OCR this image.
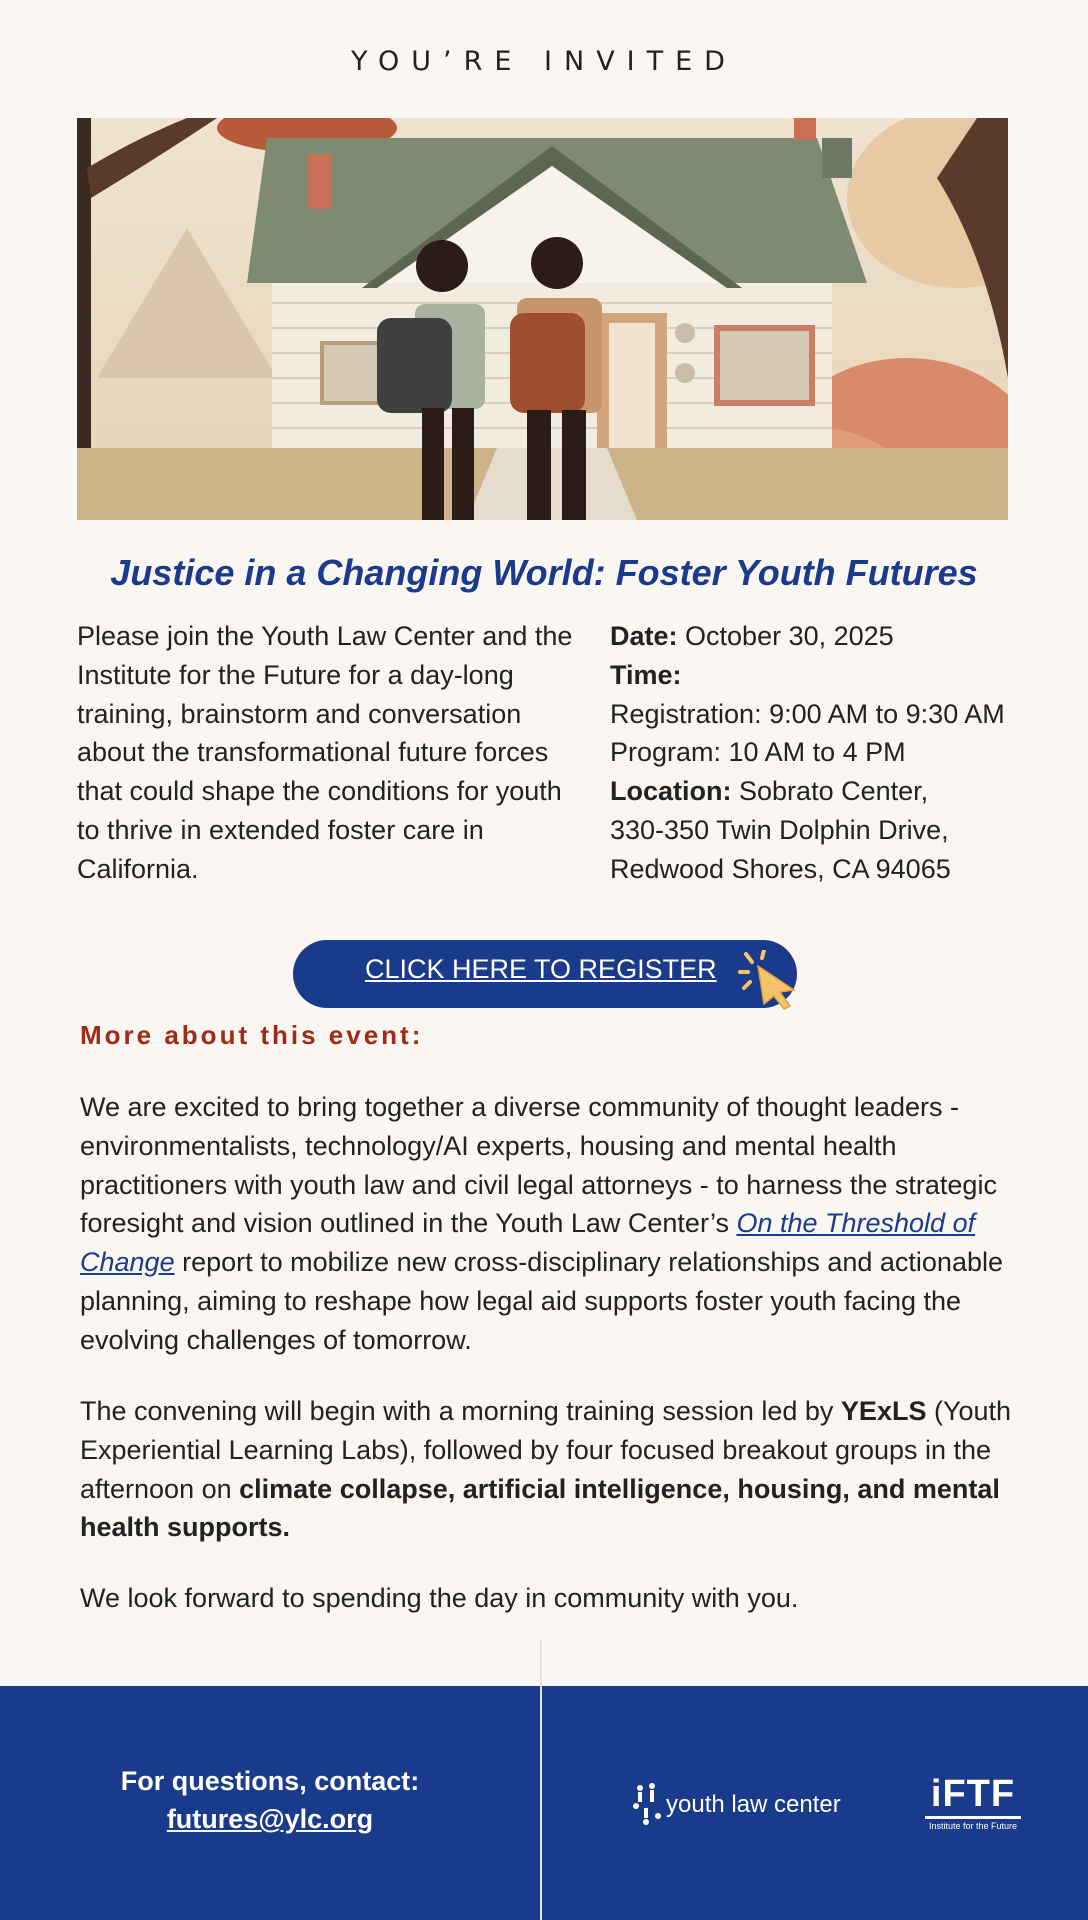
YOU’RE INVITED
Justice in a Changing World: Foster Youth Futures

Please join the Youth Law Center and the Institute for the Future for a day-long training, brainstorm and conversation about the transformational future forces that could shape the conditions for youth to thrive in extended foster care in California.

Date: October 30, 2025
Time:
Registration: 9:00 AM to 9:30 AM
Program: 10 AM to 4 PM
Location: Sobrato Center,
330-350 Twin Dolphin Drive,
Redwood Shores, CA 94065
CLICK HERE TO REGISTER
More about this event:

We are excited to bring together a diverse community of thought leaders - environmentalists, technology/AI experts, housing and mental health practitioners with youth law and civil legal attorneys - to harness the strategic foresight and vision outlined in the Youth Law Center’s On the Threshold of Change report to mobilize new cross-disciplinary relationships and actionable planning, aiming to reshape how legal aid supports foster youth facing the evolving challenges of tomorrow.

The convening will begin with a morning training session led by YExLS (Youth Experiential Learning Labs), followed by four focused breakout groups in the afternoon on climate collapse, artificial intelligence, housing, and mental health supports.

We look forward to spending the day in community with you.

For questions, contact:
futures@ylc.org	youth law center iFTF
Institute for the Future
